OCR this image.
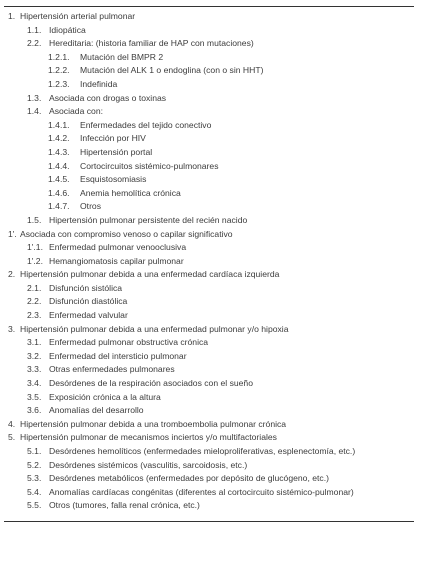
1. Hipertensión arterial pulmonar
1.1. Idiopática
2.2. Hereditaria: (historia familiar de HAP con mutaciones)
1.2.1.	Mutación del BMPR 2
1.2.2.	Mutación del ALK 1 o endoglina (con o sin HHT)
1.2.3.	Indefinida
1.3. Asociada con drogas o toxinas
1.4. Asociada con:
1.4.1.	Enfermedades del tejido conectivo
1.4.2.	Infección por HIV
1.4.3.	Hipertensión portal
1.4.4.	Cortocircuitos sistémico-pulmonares
1.4.5.	Esquistosomiasis
1.4.6.	Anemia hemolítica crónica
1.4.7.	Otros
1.5. Hipertensión pulmonar persistente del recién nacido
1'. Asociada con compromiso venoso o capilar significativo
1'.1. Enfermedad pulmonar venooclusiva
1'.2. Hemangiomatosis capilar pulmonar
2. Hipertensión pulmonar debida a una enfermedad cardíaca izquierda
2.1. Disfunción sistólica
2.2. Disfunción diastólica
2.3. Enfermedad valvular
3. Hipertensión pulmonar debida a una enfermedad pulmonar y/o hipoxia
3.1. Enfermedad pulmonar obstructiva crónica
3.2. Enfermedad del intersticio pulmonar
3.3. Otras enfermedades pulmonares
3.4. Desórdenes de la respiración asociados con el sueño
3.5. Exposición crónica a la altura
3.6. Anomalías del desarrollo
4. Hipertensión pulmonar debida a una tromboembolia pulmonar crónica
5. Hipertensión pulmonar de mecanismos inciertos y/o multifactoriales
5.1. Desórdenes hemolíticos (enfermedades mieloproliferativas, esplenectomía, etc.)
5.2. Desórdenes sistémicos (vasculitis, sarcoidosis, etc.)
5.3. Desórdenes metabólicos (enfermedades por depósito de glucógeno, etc.)
5.4. Anomalías cardíacas congénitas (diferentes al cortocircuito sistémico-pulmonar)
5.5. Otros (tumores, falla renal crónica, etc.)
